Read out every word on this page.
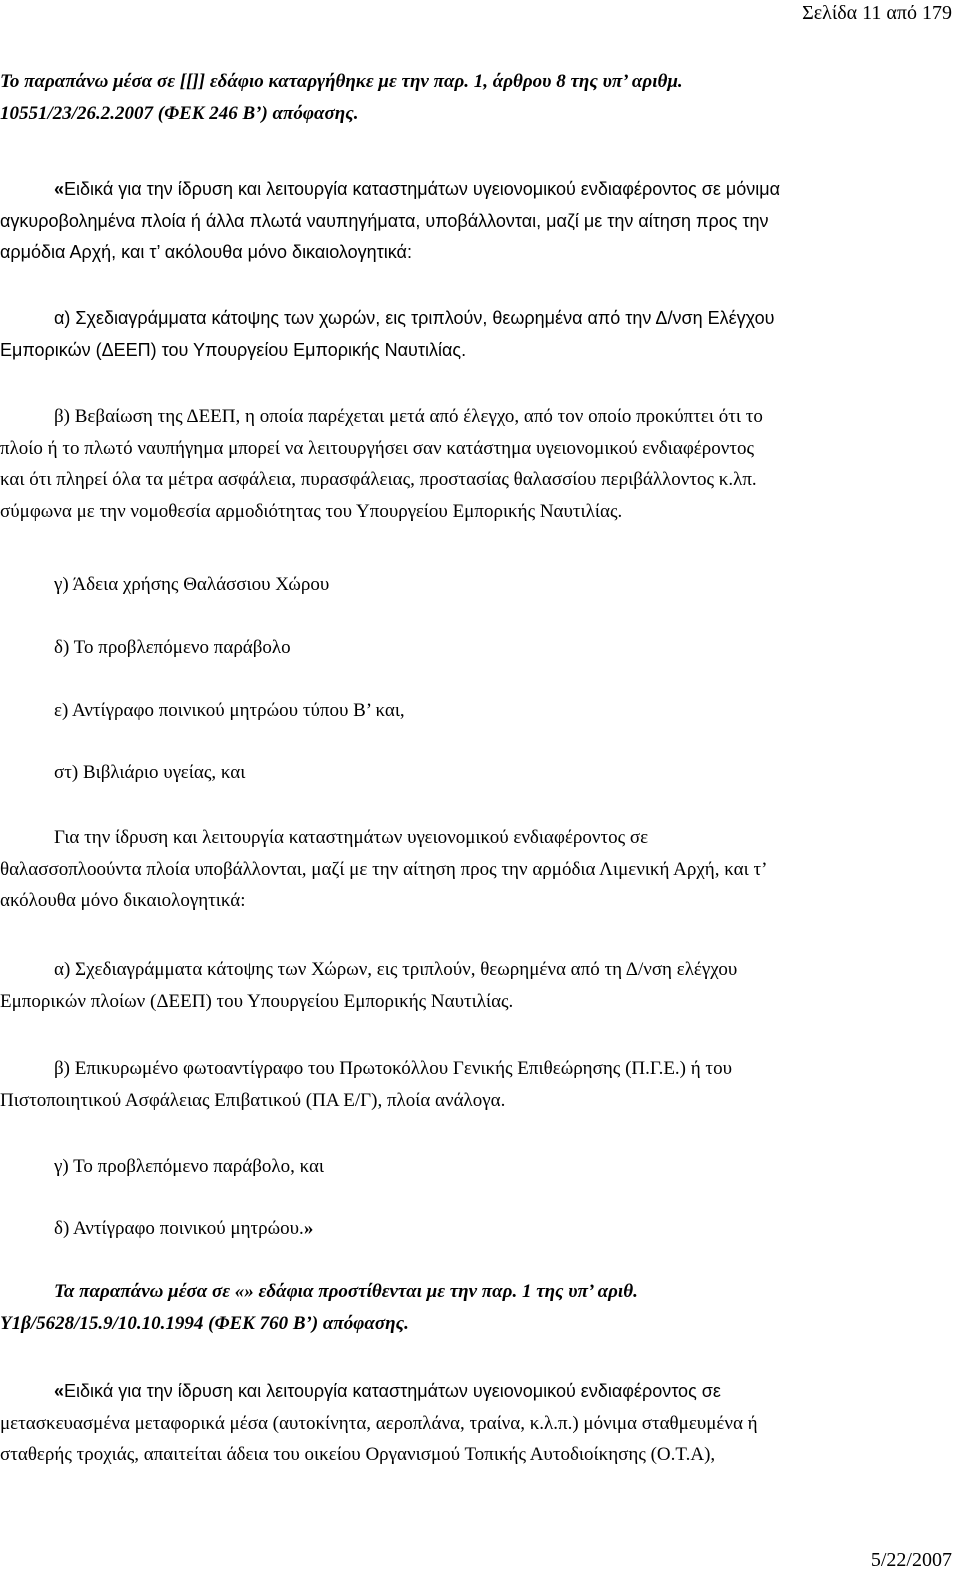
Σελίδα 11 από 179
Το παραπάνω μέσα σε [[]] εδάφιο καταργήθηκε με την παρ. 1, άρθρου 8 της υπ’ αριθμ.
10551/23/26.2.2007 (ΦΕΚ 246 Β’) απόφασης.
«Ειδικά για την ίδρυση και λειτουργία καταστημάτων υγειονομικού ενδιαφέροντος σε μόνιμα
αγκυροβολημένα πλοία ή άλλα πλωτά ναυπηγήματα, υποβάλλονται, μαζί με την αίτηση προς την
αρμόδια Αρχή, και τ’ ακόλουθα μόνο δικαιολογητικά:
α) Σχεδιαγράμματα κάτοψης των χωρών, εις τριπλούν, θεωρημένα από την Δ/νση Ελέγχου
Εμπορικών (ΔΕΕΠ) του Υπουργείου Εμπορικής Ναυτιλίας.
β) Βεβαίωση της ΔΕΕΠ, η οποία παρέχεται μετά από έλεγχο, από τον οποίο προκύπτει ότι το
πλοίο ή το πλωτό ναυπήγημα μπορεί να λειτουργήσει σαν κατάστημα υγειονομικού ενδιαφέροντος
και ότι πληρεί όλα τα μέτρα ασφάλεια, πυρασφάλειας, προστασίας θαλασσίου περιβάλλοντος κ.λπ.
σύμφωνα με την νομοθεσία αρμοδιότητας του Υπουργείου Εμπορικής Ναυτιλίας.
γ) Άδεια χρήσης Θαλάσσιου Χώρου
δ) Το προβλεπόμενο παράβολο
ε) Αντίγραφο ποινικού μητρώου τύπου Β’ και,
στ) Βιβλιάριο υγείας, και
Για την ίδρυση και λειτουργία καταστημάτων υγειονομικού ενδιαφέροντος σε
θαλασσοπλοούντα πλοία υποβάλλονται, μαζί με την αίτηση προς την αρμόδια Λιμενική Αρχή, και τ’
ακόλουθα μόνο δικαιολογητικά:
α) Σχεδιαγράμματα κάτοψης των Χώρων, εις τριπλούν, θεωρημένα από τη Δ/νση ελέγχου
Εμπορικών πλοίων (ΔΕΕΠ) του Υπουργείου Εμπορικής Ναυτιλίας.
β) Επικυρωμένο φωτοαντίγραφο του Πρωτοκόλλου Γενικής Επιθεώρησης (Π.Γ.Ε.) ή του
Πιστοποιητικού Ασφάλειας Επιβατικού (ΠΑ Ε/Γ), πλοία ανάλογα.
γ) Το προβλεπόμενο παράβολο, και
δ) Αντίγραφο ποινικού μητρώου.»
Τα παραπάνω μέσα σε «» εδάφια προστίθενται με την παρ. 1 της υπ’ αριθ.
Υ1β/5628/15.9/10.10.1994 (ΦΕΚ 760 Β’) απόφασης.
«Ειδικά για την ίδρυση και λειτουργία καταστημάτων υγειονομικού ενδιαφέροντος σε
μετασκευασμένα μεταφορικά μέσα (αυτοκίνητα, αεροπλάνα, τραίνα, κ.λ.π.) μόνιμα σταθμευμένα ή
σταθερής τροχιάς, απαιτείται άδεια του οικείου Οργανισμού Τοπικής Αυτοδιοίκησης (Ο.Τ.Α),
5/22/2007
